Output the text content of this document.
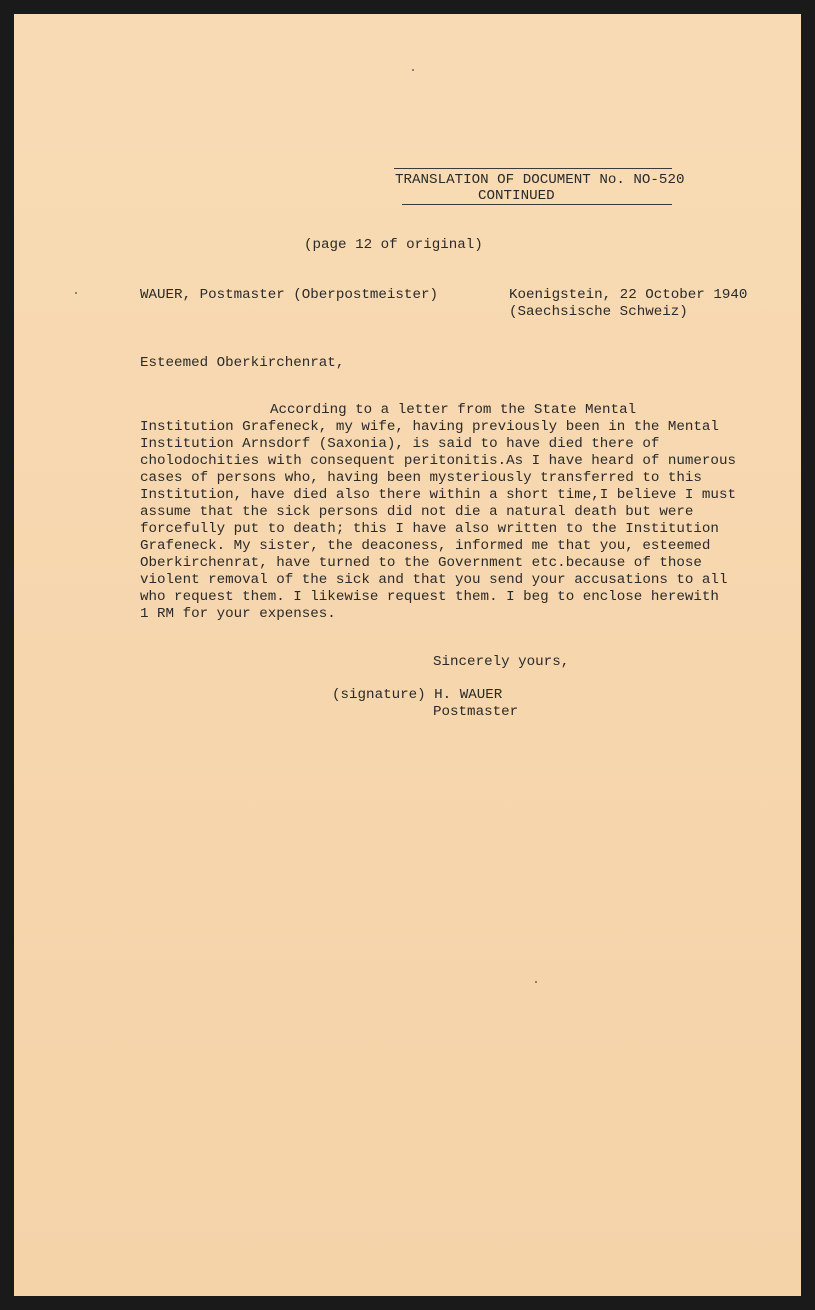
TRANSLATION OF DOCUMENT No. NO-520
CONTINUED
(page 12 of original)
WAUER, Postmaster (Oberpostmeister)	Koenigstein, 22 October 1940
(Saechsische Schweiz)
Esteemed Oberkirchenrat,
According to a letter from the State Mental
Institution Grafeneck, my wife, having previously been in the Mental
Institution Arnsdorf (Saxonia), is said to have died there of
cholodochities with consequent peritonitis.As I have heard of numerous
cases of persons who, having been mysteriously transferred to this
Institution, have died also there within a short time,I believe I must
assume that the sick persons did not die a natural death but were
forcefully put to death; this I have also written to the Institution
Grafeneck. My sister, the deaconess, informed me that you, esteemed
Oberkirchenrat, have turned to the Government etc.because of those
violent removal of the sick and that you send your accusations to all
who request them. I likewise request them. I beg to enclose herewith
1 RM for your expenses.
Sincerely yours,
(signature) H. WAUER
Postmaster
